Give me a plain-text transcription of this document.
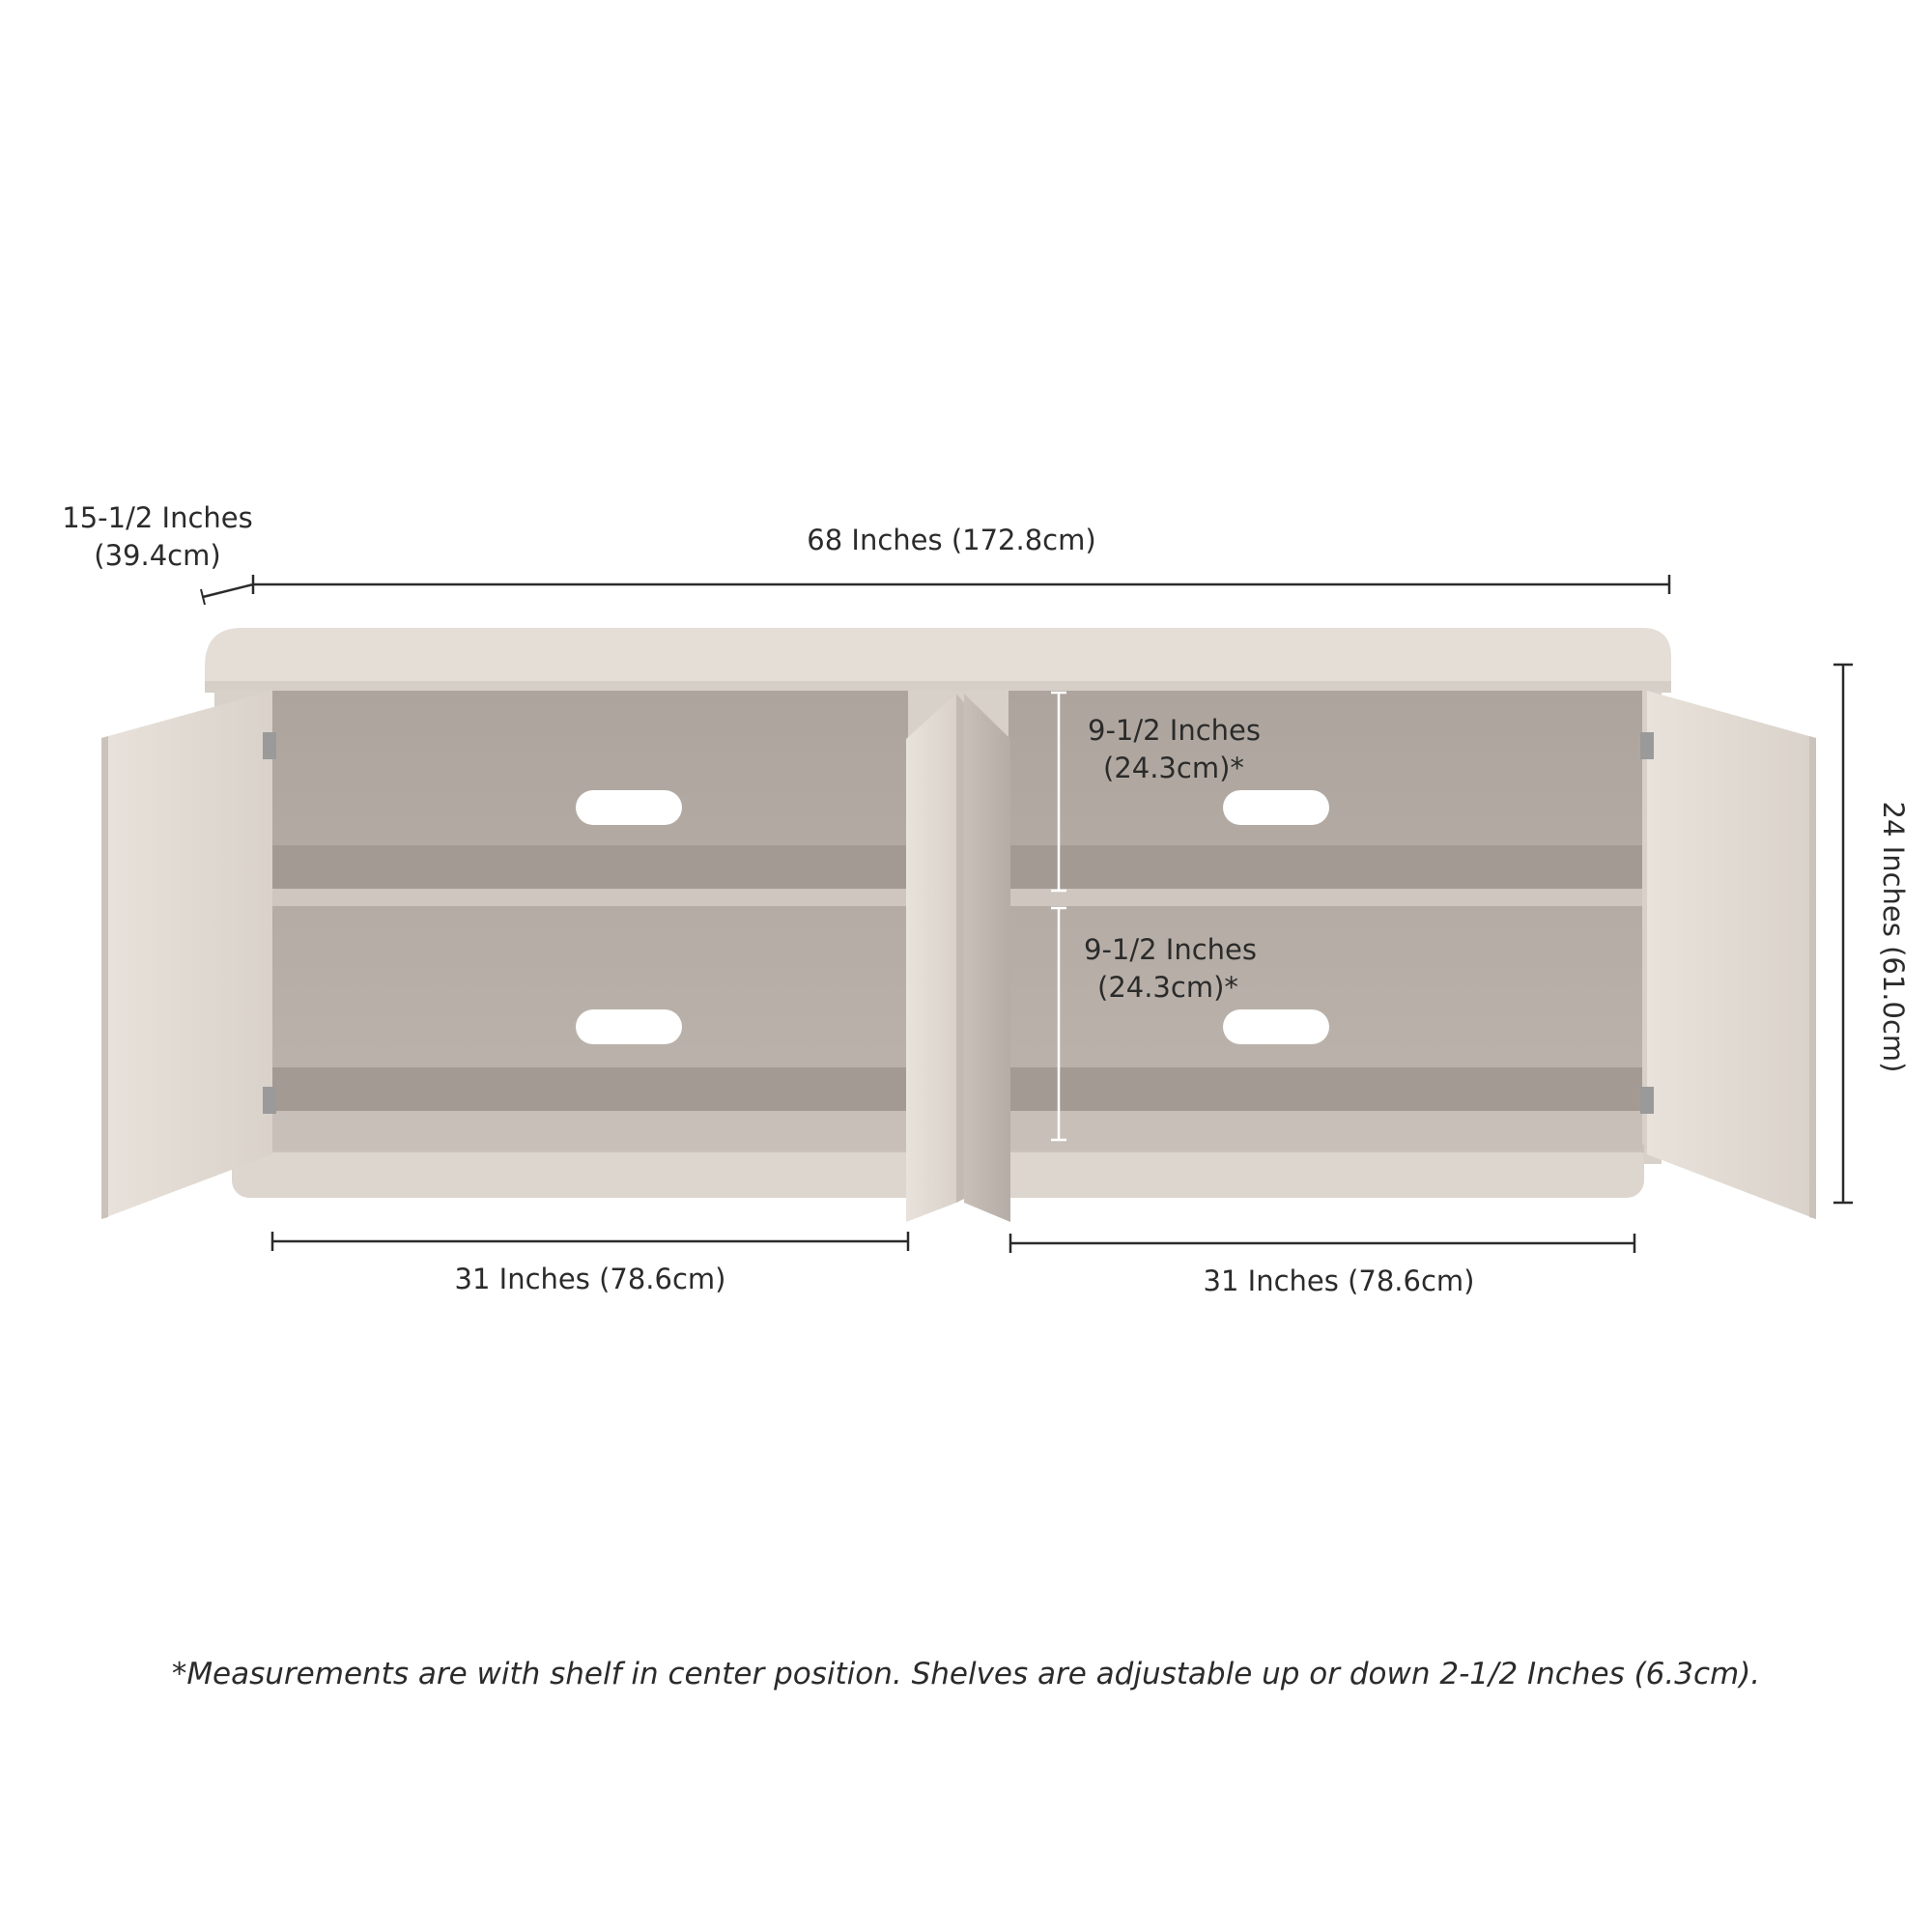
15-1/2 Inches
(39.4cm)	68 Inches (172.8cm)
9-1/2 Inches
(24.3cm)*
9-1/2 Inches
(24.3cm)*	24 Inches (61.0cm)
31 Inches (78.6cm)	31 Inches (78.6cm)
*Measurements are with shelf in center position. Shelves are adjustable up or down 2-1/2 Inches (6.3cm).
